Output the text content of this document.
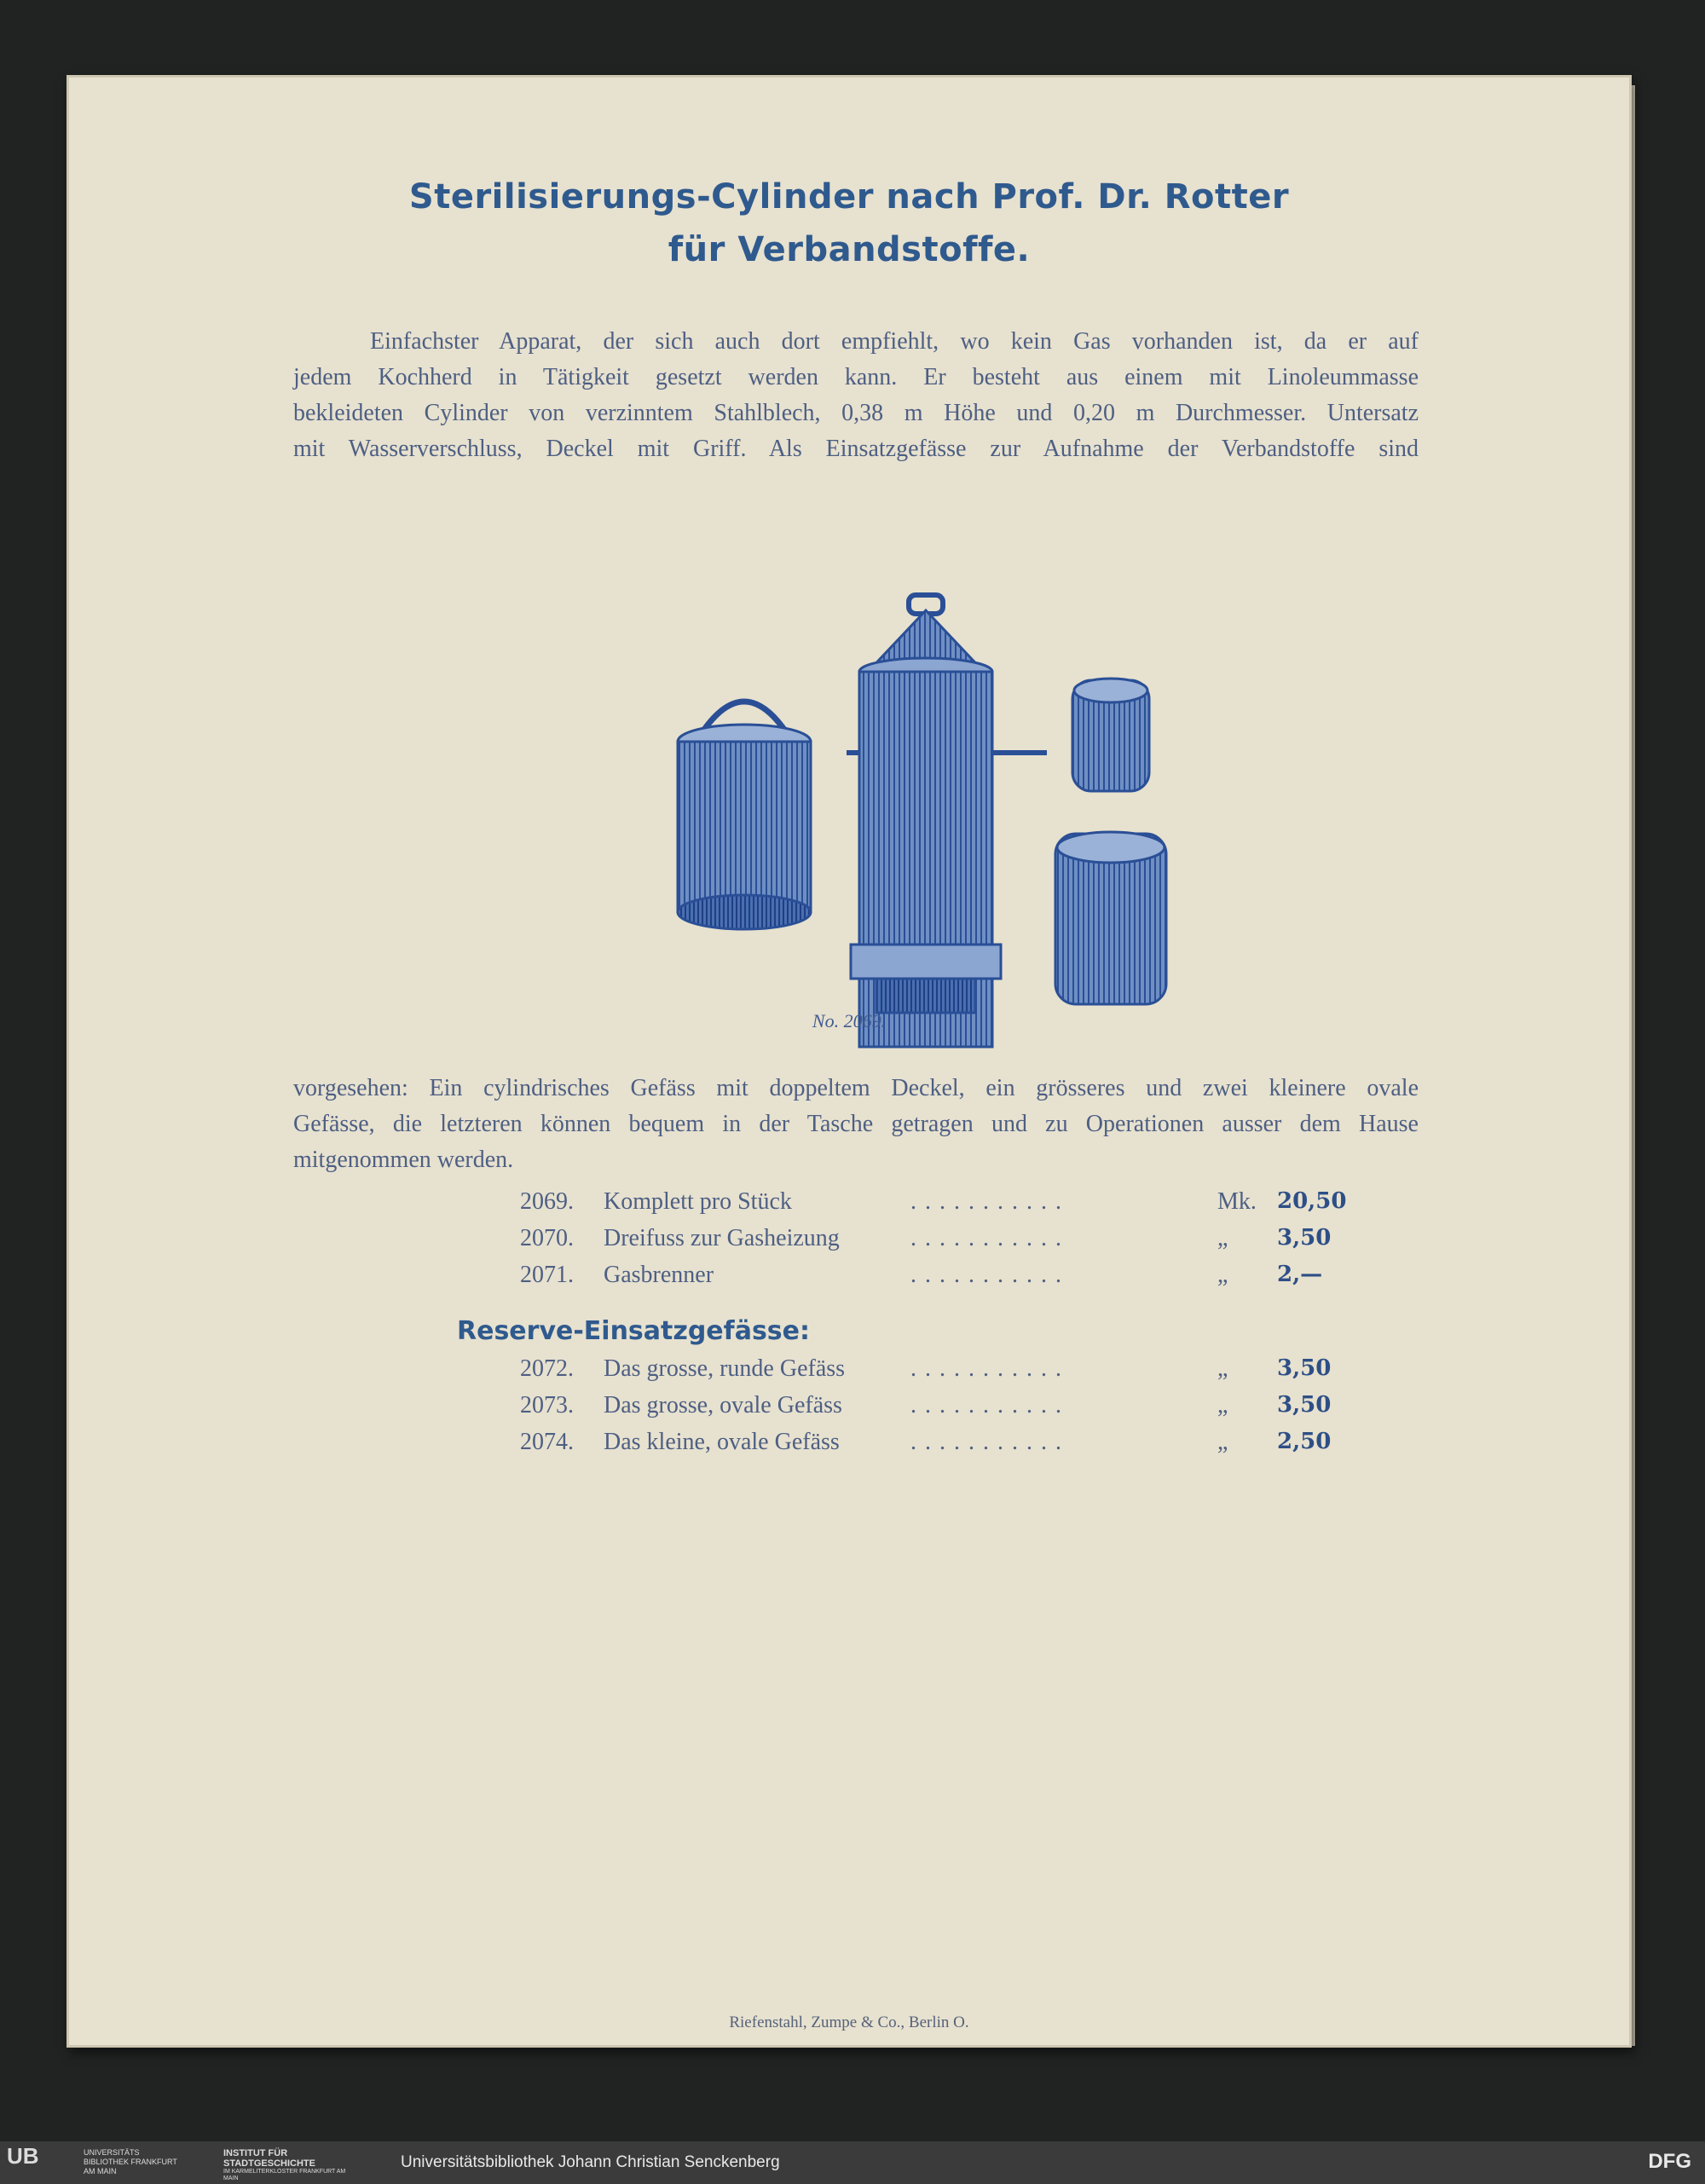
Sterilisierungs-Cylinder nach Prof. Dr. Rotter
für Verbandstoffe.
Einfachster Apparat, der sich auch dort empfiehlt, wo kein Gas vorhanden ist, da er auf
jedem Kochherd in Tätigkeit gesetzt werden kann. Er besteht aus einem mit Linoleummasse
bekleideten Cylinder von verzinntem Stahlblech, 0,38 m Höhe und 0,20 m Durchmesser. Untersatz
mit Wasserverschluss, Deckel mit Griff. Als Einsatzgefässe zur Aufnahme der Verbandstoffe sind
No. 2069.
vorgesehen: Ein cylindrisches Gefäss mit doppeltem Deckel, ein grösseres und zwei kleinere ovale
Gefässe, die letzteren können bequem in der Tasche getragen und zu Operationen ausser dem Hause
mitgenommen werden.
2069. Komplett pro Stück	...........	Mk. 20,50
2070. Dreifuss zur Gasheizung	...........	„ 3,50
2071. Gasbrenner	...........	„ 2,—
Reserve-Einsatzgefässe:
2072. Das grosse, runde Gefäss	...........	„ 3,50
2073. Das grosse, ovale Gefäss	...........	„ 3,50
2074. Das kleine, ovale Gefäss	...........	„ 2,50
Riefenstahl, Zumpe & Co., Berlin O.
UB	UNIVERSITÄTS BIBLIOTHEK FRANKFURT AM MAIN
INSTITUT FÜR STADTGESCHICHTE
IM KARMELITERKLOSTER FRANKFURT AM MAIN
Universitätsbibliothek Johann Christian Senckenberg	DFG
